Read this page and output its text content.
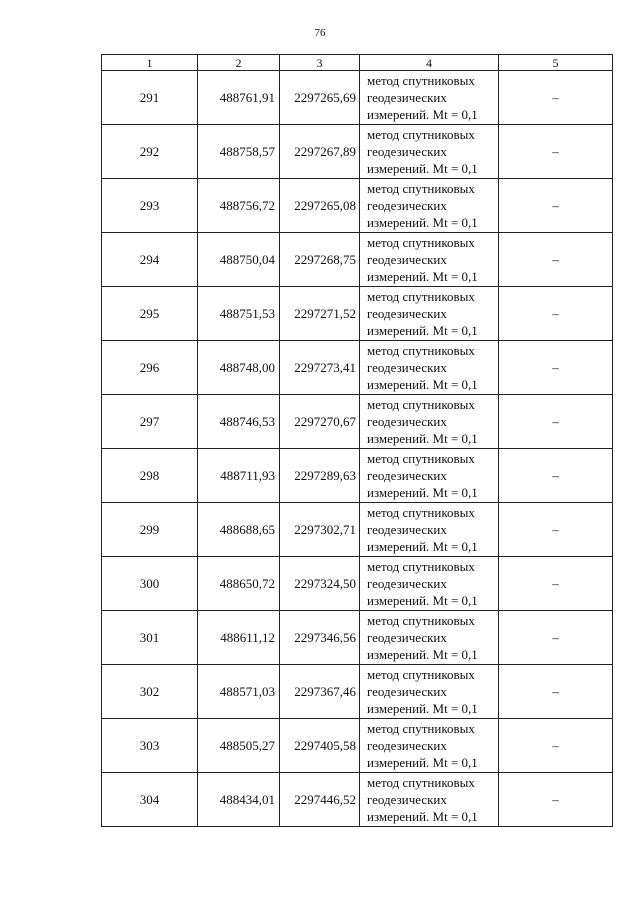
76
1	2	3	4	5
291	488761,91	2297265,69	метод спутниковых
геодезических
измерений. Mt = 0,1	–
292	488758,57	2297267,89	метод спутниковых
геодезических
измерений. Mt = 0,1	–
293	488756,72	2297265,08	метод спутниковых
геодезических
измерений. Mt = 0,1	–
294	488750,04	2297268,75	метод спутниковых
геодезических
измерений. Mt = 0,1	–
295	488751,53	2297271,52	метод спутниковых
геодезических
измерений. Mt = 0,1	–
296	488748,00	2297273,41	метод спутниковых
геодезических
измерений. Mt = 0,1	–
297	488746,53	2297270,67	метод спутниковых
геодезических
измерений. Mt = 0,1	–
298	488711,93	2297289,63	метод спутниковых
геодезических
измерений. Mt = 0,1	–
299	488688,65	2297302,71	метод спутниковых
геодезических
измерений. Mt = 0,1	–
300	488650,72	2297324,50	метод спутниковых
геодезических
измерений. Mt = 0,1	–
301	488611,12	2297346,56	метод спутниковых
геодезических
измерений. Mt = 0,1	–
302	488571,03	2297367,46	метод спутниковых
геодезических
измерений. Mt = 0,1	–
303	488505,27	2297405,58	метод спутниковых
геодезических
измерений. Mt = 0,1	–
304	488434,01	2297446,52	метод спутниковых
геодезических
измерений. Mt = 0,1	–
